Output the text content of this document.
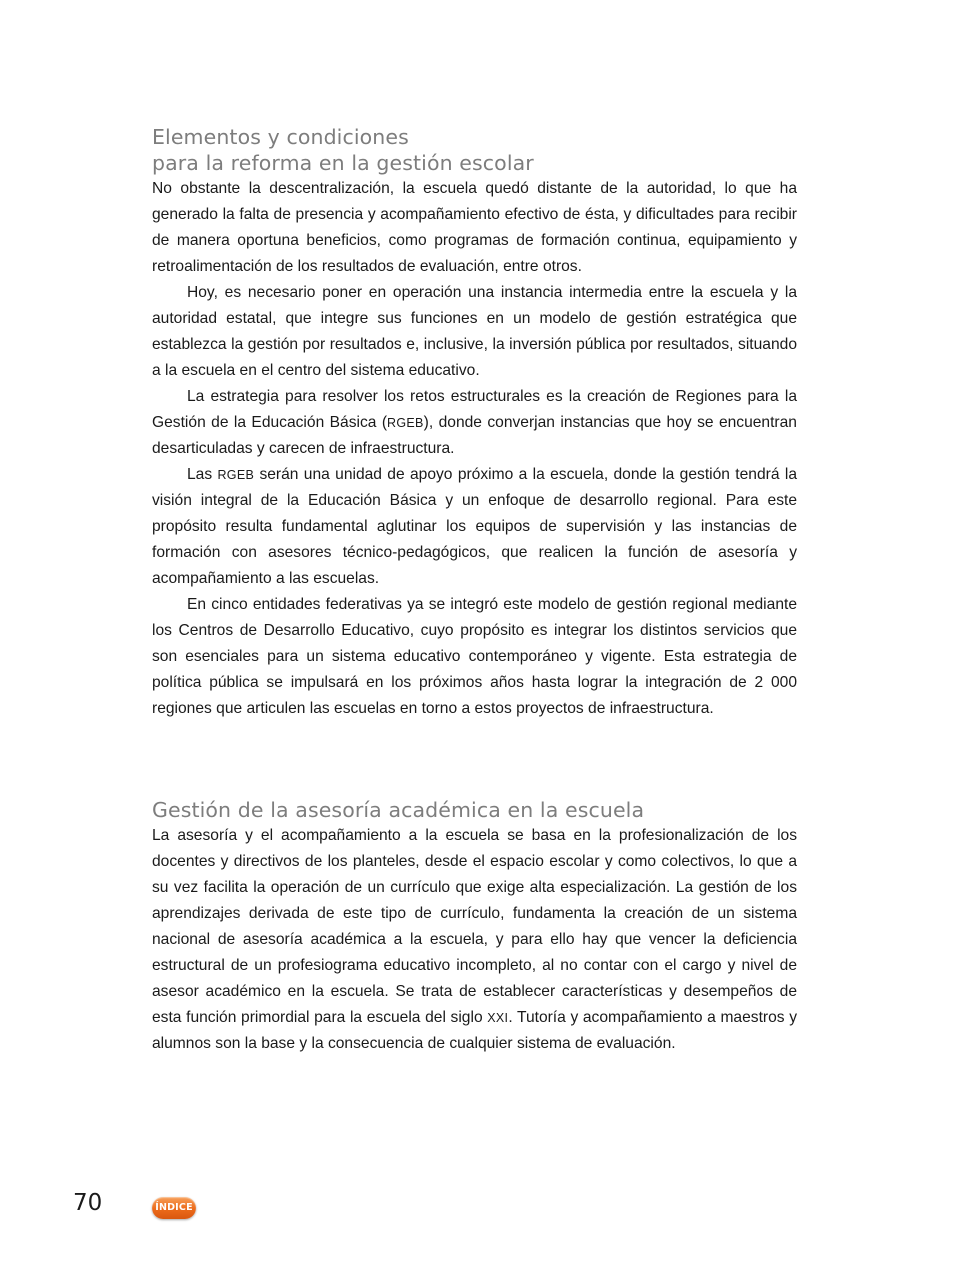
Elementos y condiciones
para la reforma en la gestión escolar

No obstante la descentralización, la escuela quedó distante de la autoridad, lo que ha generado la falta de presencia y acompañamiento efectivo de ésta, y dificultades para recibir de manera oportuna beneficios, como programas de formación continua, equipamiento y retroalimentación de los resultados de evaluación, entre otros.

Hoy, es necesario poner en operación una instancia intermedia entre la escuela y la autoridad estatal, que integre sus funciones en un modelo de gestión estratégica que establezca la gestión por resultados e, inclusive, la inversión pública por resultados, situando a la escuela en el centro del sistema educativo.

La estrategia para resolver los retos estructurales es la creación de Regiones para la Gestión de la Educación Básica (RGEB), donde converjan instancias que hoy se encuentran desarticuladas y carecen de infraestructura.

Las RGEB serán una unidad de apoyo próximo a la escuela, donde la gestión tendrá la visión integral de la Educación Básica y un enfoque de desarrollo regional. Para este propósito resulta fundamental aglutinar los equipos de supervisión y las instancias de formación con asesores técnico-pedagógicos, que realicen la función de asesoría y acompañamiento a las escuelas.

En cinco entidades federativas ya se integró este modelo de gestión regional mediante los Centros de Desarrollo Educativo, cuyo propósito es integrar los distintos servicios que son esenciales para un sistema educativo contemporáneo y vigente. Esta estrategia de política pública se impulsará en los próximos años hasta lograr la integración de 2 000 regiones que articulen las escuelas en torno a estos proyectos de infraestructura.

Gestión de la asesoría académica en la escuela

La asesoría y el acompañamiento a la escuela se basa en la profesionalización de los docentes y directivos de los planteles, desde el espacio escolar y como colectivos, lo que a su vez facilita la operación de un currículo que exige alta especialización. La gestión de los aprendizajes derivada de este tipo de currículo, fundamenta la creación de un sistema nacional de asesoría académica a la escuela, y para ello hay que vencer la deficiencia estructural de un profesiograma educativo incompleto, al no contar con el cargo y nivel de asesor académico en la escuela. Se trata de establecer características y desempeños de esta función primordial para la escuela del siglo XXI. Tutoría y acompañamiento a maestros y alumnos son la base y la consecuencia de cualquier sistema de evaluación.

70	ÍNDICE
